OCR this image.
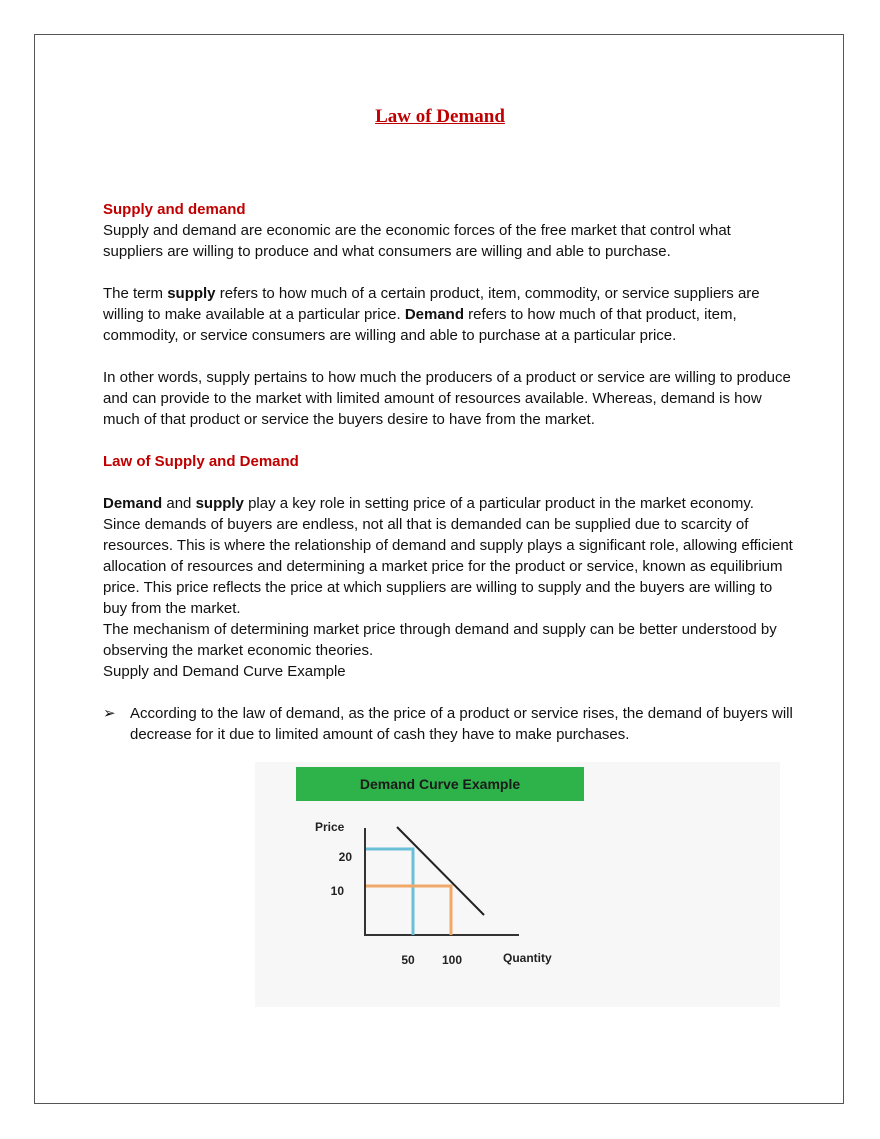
Law of Demand

Supply and demand

Supply and demand are economic are the economic forces of the free market that control what suppliers are willing to produce and what consumers are willing and able to purchase.

The term supply refers to how much of a certain product, item, commodity, or service suppliers are willing to make available at a particular price. Demand refers to how much of that product, item, commodity, or service consumers are willing and able to purchase at a particular price.

In other words, supply pertains to how much the producers of a product or service are willing to produce and can provide to the market with limited amount of resources available. Whereas, demand is how much of that product or service the buyers desire to have from the market.

Law of Supply and Demand

Demand and supply play a key role in setting price of a particular product in the market economy. Since demands of buyers are endless, not all that is demanded can be supplied due to scarcity of resources. This is where the relationship of demand and supply plays a significant role, allowing efficient allocation of resources and determining a market price for the product or service, known as equilibrium price. This price reflects the price at which suppliers are willing to supply and the buyers are willing to buy from the market.

The mechanism of determining market price through demand and supply can be better understood by observing the market economic theories.

Supply and Demand Curve Example

➢ According to the law of demand, as the price of a product or service rises, the demand of buyers will decrease for it due to limited amount of cash they have to make purchases.

Demand Curve Example
Price
20
10
50 100	Quantity
